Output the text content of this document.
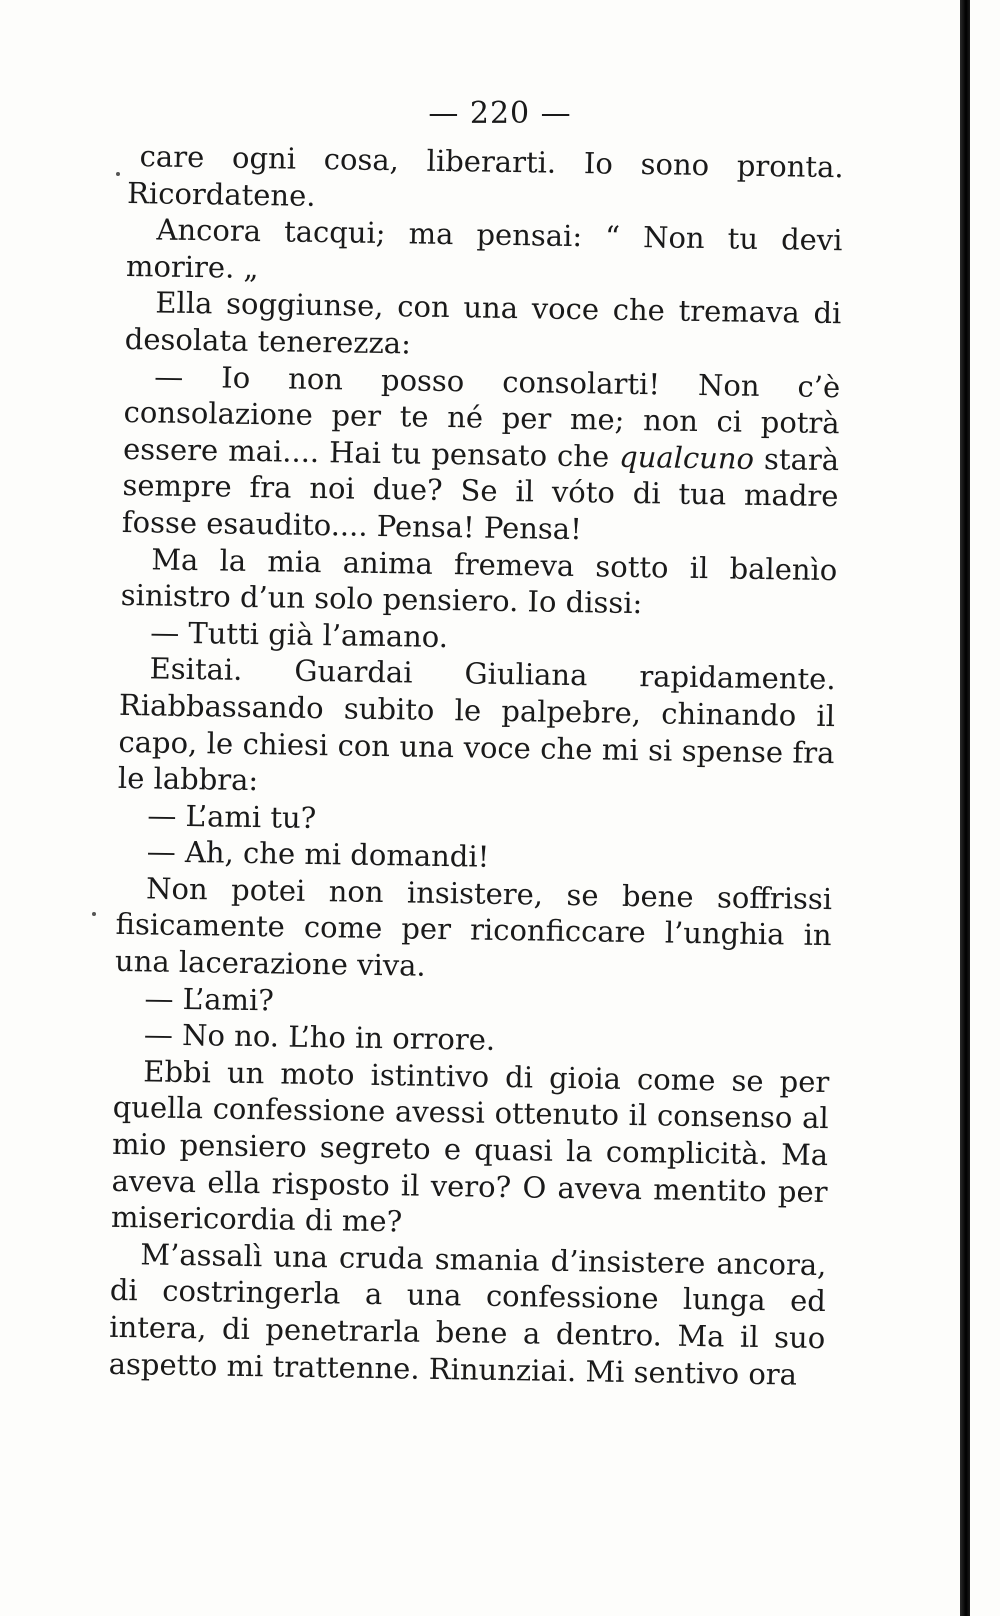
— 220 —

care ogni cosa, liberarti. Io sono pronta. Ricordatene.

Ancora tacqui; ma pensai: “ Non tu devi morire. „

Ella soggiunse, con una voce che tremava di desolata tenerezza:

— Io non posso consolarti! Non c’è consolazione per te né per me; non ci potrà essere mai.... Hai tu pensato che qualcuno starà sempre fra noi due? Se il vóto di tua madre fosse esaudito.... Pensa! Pensa!

Ma la mia anima fremeva sotto il balenìo sinistro d’un solo pensiero. Io dissi:

— Tutti già l’amano.

Esitai. Guardai Giuliana rapidamente. Riabbassando subito le palpebre, chinando il capo, le chiesi con una voce che mi si spense fra le labbra:

— L’ami tu?

— Ah, che mi domandi!

Non potei non insistere, se bene soffrissi fisicamente come per riconficcare l’unghia in una lacerazione viva.

— L’ami?

— No no. L’ho in orrore.

Ebbi un moto istintivo di gioia come se per quella confessione avessi ottenuto il consenso al mio pensiero segreto e quasi la complicità. Ma aveva ella risposto il vero? O aveva mentito per misericordia di me?

M’assalì una cruda smania d’insistere ancora, di costringerla a una confessione lunga ed intera, di penetrarla bene a dentro. Ma il suo aspetto mi trattenne. Rinunziai. Mi sentivo ora
